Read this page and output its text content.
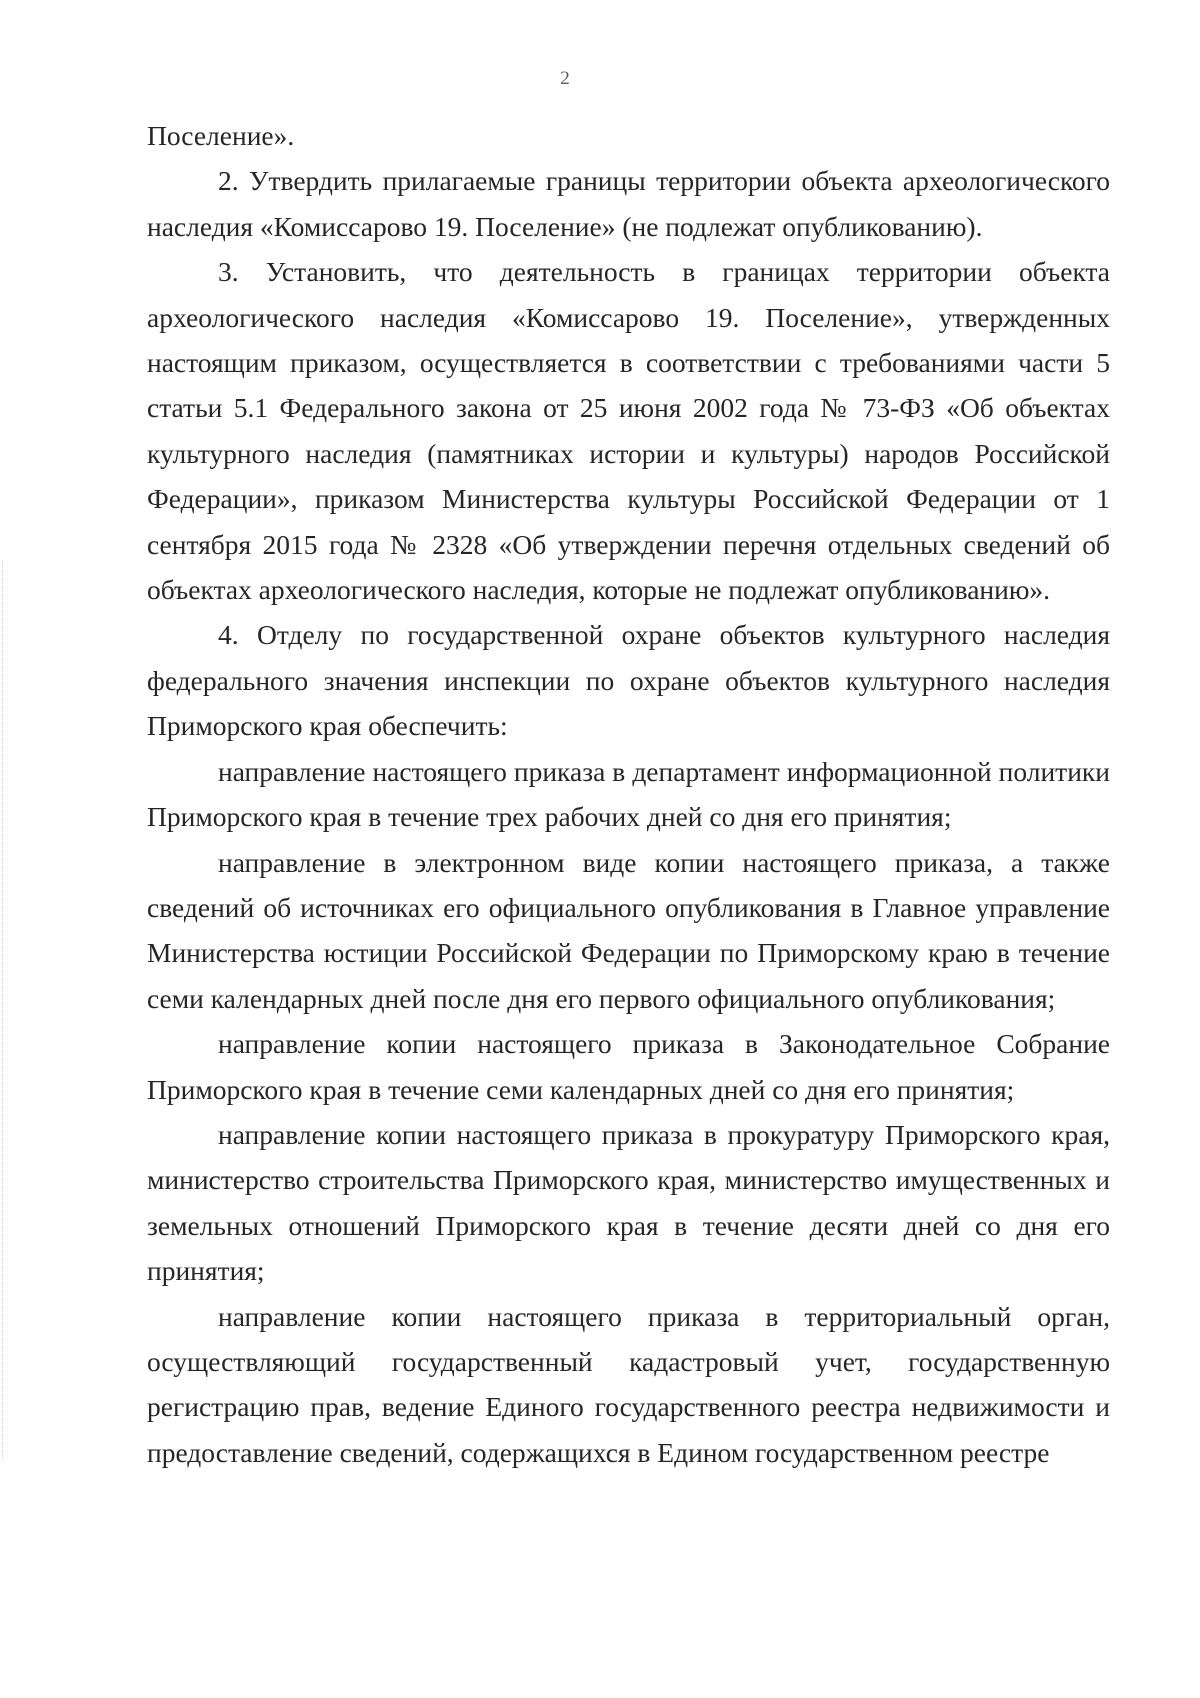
2

Поселение».

2. Утвердить прилагаемые границы территории объекта археологического наследия «Комиссарово 19. Поселение» (не подлежат опубликованию).

3. Установить, что деятельность в границах территории объекта археологического наследия «Комиссарово 19. Поселение», утвержденных настоящим приказом, осуществляется в соответствии с требованиями части 5 статьи 5.1 Федерального закона от 25 июня 2002 года № 73-ФЗ «Об объектах культурного наследия (памятниках истории и культуры) народов Российской Федерации», приказом Министерства культуры Российской Федерации от 1 сентября 2015 года № 2328 «Об утверждении перечня отдельных сведений об объектах археологического наследия, которые не подлежат опубликованию».

4. Отделу по государственной охране объектов культурного наследия федерального значения инспекции по охране объектов культурного наследия Приморского края обеспечить:

направление настоящего приказа в департамент информационной политики Приморского края в течение трех рабочих дней со дня его принятия;

направление в электронном виде копии настоящего приказа, а также сведений об источниках его официального опубликования в Главное управление Министерства юстиции Российской Федерации по Приморскому краю в течение семи календарных дней после дня его первого официального опубликования;

направление копии настоящего приказа в Законодательное Собрание Приморского края в течение семи календарных дней со дня его принятия;

направление копии настоящего приказа в прокуратуру Приморского края, министерство строительства Приморского края, министерство имущественных и земельных отношений Приморского края в течение десяти дней со дня его принятия;

направление копии настоящего приказа в территориальный орган, осуществляющий государственный кадастровый учет, государственную регистрацию прав, ведение Единого государственного реестра недвижимости и предоставление сведений, содержащихся в Едином государственном реестре
